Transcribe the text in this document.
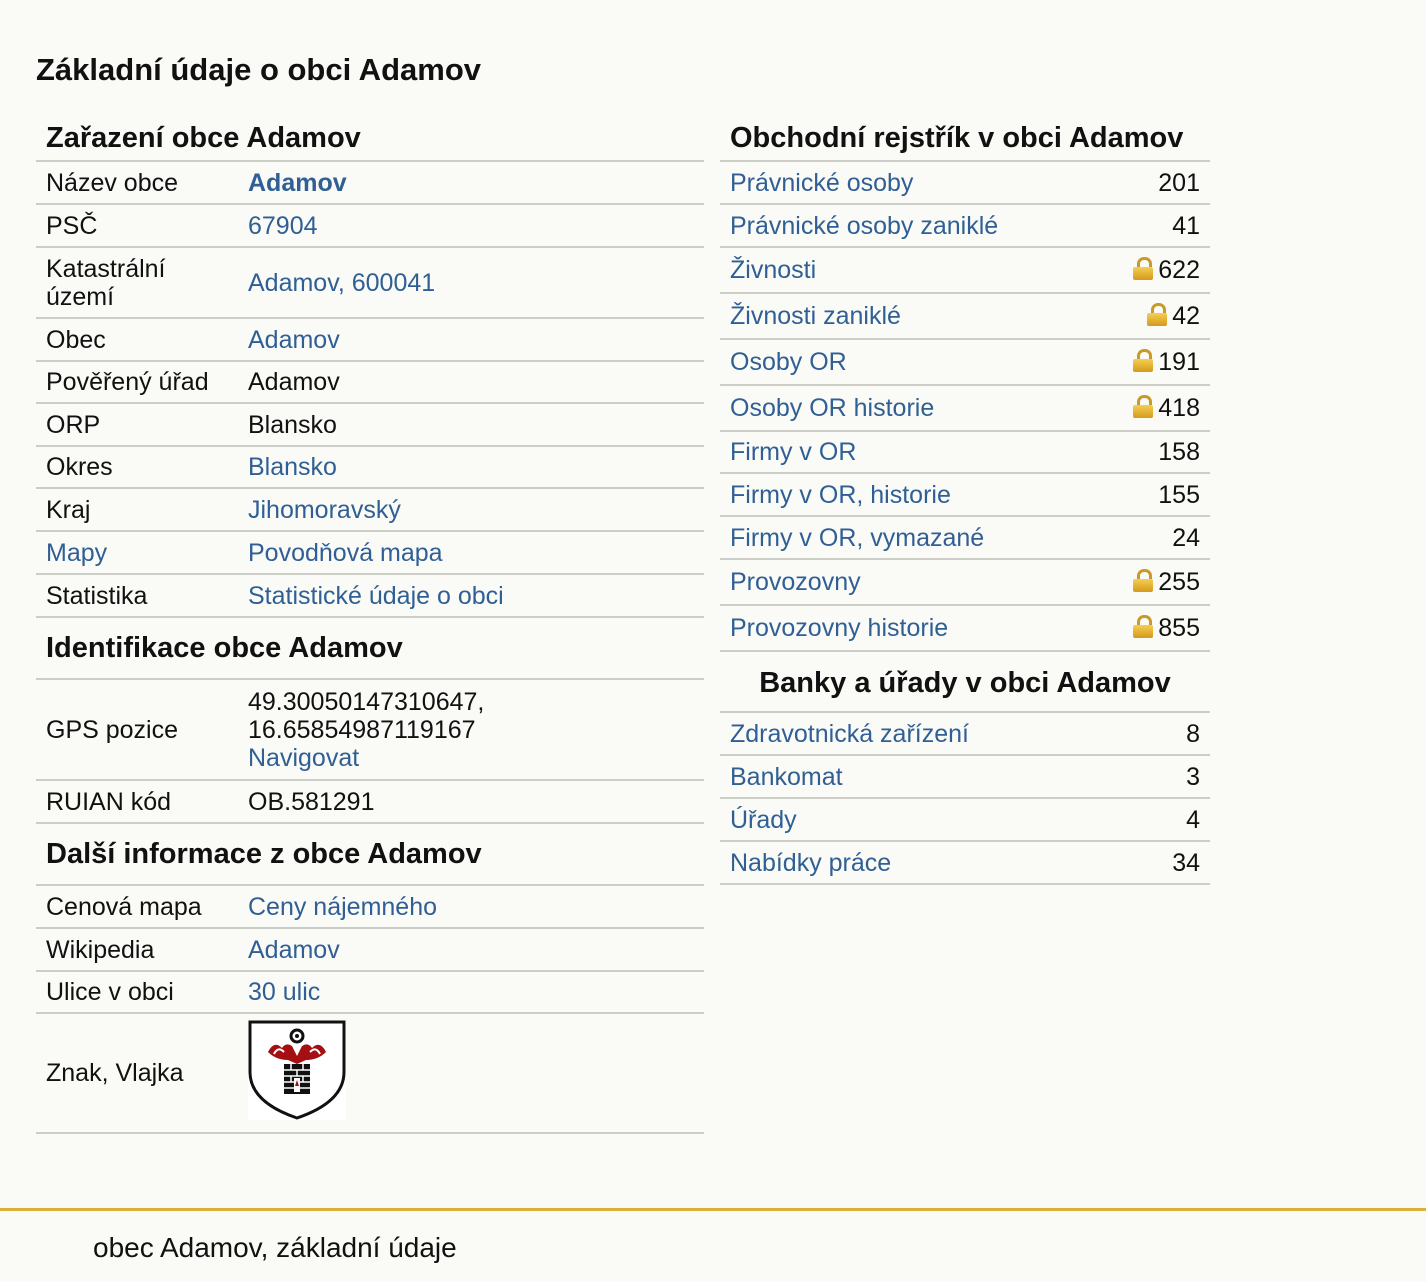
Základní údaje o obci Adamov
Zařazení obce Adamov
Název obce	Adamov
PSČ	67904
Katastrální území	Adamov, 600041
Obec	Adamov
Pověřený úřad	Adamov
ORP	Blansko
Okres	Blansko
Kraj	Jihomoravský
Mapy	Povodňová mapa
Statistika	Statistické údaje o obci
Identifikace obce Adamov
GPS pozice	49.30050147310647,
16.65854987119167
Navigovat
RUIAN kód	OB.581291
Další informace z obce Adamov
Cenová mapa	Ceny nájemného
Wikipedia	Adamov
Ulice v obci	30 ulic
Znak, Vlajka	
Obchodní rejstřík v obci Adamov
Právnické osoby	201
Právnické osoby zaniklé	41
Živnosti	622
Živnosti zaniklé	42
Osoby OR	191
Osoby OR historie	418
Firmy v OR	158
Firmy v OR, historie	155
Firmy v OR, vymazané	24
Provozovny	255
Provozovny historie	855
Banky a úřady v obci Adamov
Zdravotnická zařízení	8
Bankomat	3
Úřady	4
Nabídky práce	34
obec Adamov, základní údaje
